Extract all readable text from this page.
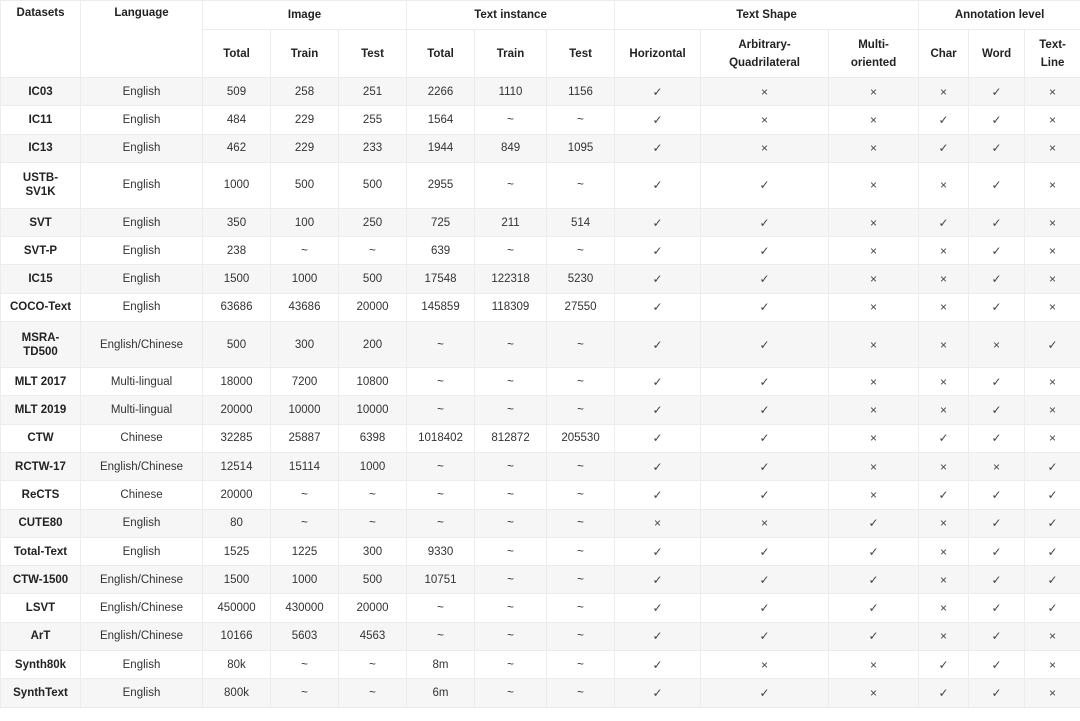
Datasets	Language	Image			Text instance			Text Shape			Annotation level		
		Total	Train	Test	Total	Train	Test	Horizontal	Arbitrary-Quadrilateral	Multi-oriented	Char	Word	Text-Line
IC03	English	509	258	251	2266	1110	1156	✓	×	×	×	✓	×
IC11	English	484	229	255	1564	~	~	✓	×	×	✓	✓	×
IC13	English	462	229	233	1944	849	1095	✓	×	×	✓	✓	×
USTB-SV1K	English	1000	500	500	2955	~	~	✓	✓	×	×	✓	×
SVT	English	350	100	250	725	211	514	✓	✓	×	✓	✓	×
SVT-P	English	238	~	~	639	~	~	✓	✓	×	×	✓	×
IC15	English	1500	1000	500	17548	122318	5230	✓	✓	×	×	✓	×
COCO-Text	English	63686	43686	20000	145859	118309	27550	✓	✓	×	×	✓	×
MSRA-TD500	English/Chinese	500	300	200	~	~	~	✓	✓	×	×	×	✓
MLT 2017	Multi-lingual	18000	7200	10800	~	~	~	✓	✓	×	×	✓	×
MLT 2019	Multi-lingual	20000	10000	10000	~	~	~	✓	✓	×	×	✓	×
CTW	Chinese	32285	25887	6398	1018402	812872	205530	✓	✓	×	✓	✓	×
RCTW-17	English/Chinese	12514	15114	1000	~	~	~	✓	✓	×	×	×	✓
ReCTS	Chinese	20000	~	~	~	~	~	✓	✓	×	✓	✓	✓
CUTE80	English	80	~	~	~	~	~	×	×	✓	×	✓	✓
Total-Text	English	1525	1225	300	9330	~	~	✓	✓	✓	×	✓	✓
CTW-1500	English/Chinese	1500	1000	500	10751	~	~	✓	✓	✓	×	✓	✓
LSVT	English/Chinese	450000	430000	20000	~	~	~	✓	✓	✓	×	✓	✓
ArT	English/Chinese	10166	5603	4563	~	~	~	✓	✓	✓	×	✓	×
Synth80k	English	80k	~	~	8m	~	~	✓	×	×	✓	✓	×
SynthText	English	800k	~	~	6m	~	~	✓	✓	×	✓	✓	×
